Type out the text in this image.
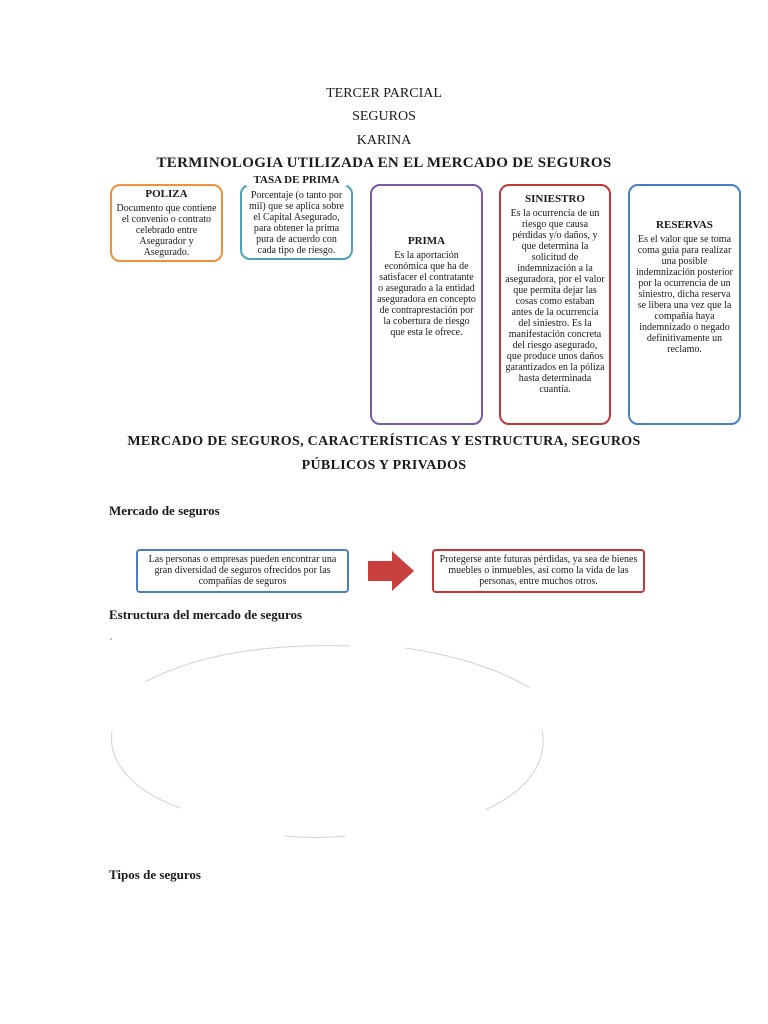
TERCER PARCIAL
SEGUROS
KARINA
TERMINOLOGIA UTILIZADA EN EL MERCADO DE SEGUROS
POLIZA
Documento que contiene el convenio o contrato celebrado entre Asegurador y Asegurado.
Porcentaje (o tanto por mil) que se aplica sobre el Capital Asegurado, para obtener la prima pura de acuerdo con cada tipo de riesgo.
TASA DE PRIMA
PRIMA
Es la aportación económica que ha de satisfacer el contratante o asegurado a la entidad aseguradora en concepto de contraprestación por la cobertura de riesgo que esta le ofrece.
SINIESTRO
Es la ocurrencia de un riesgo que causa pérdidas y/o daños, y que determina la solicitud de indemnización a la aseguradora, por el valor que permita dejar las cosas como estaban antes de la ocurrencia del siniestro. Es la manifestación concreta del riesgo asegurado, que produce unos daños garantizados en la póliza hasta determinada cuantía.
RESERVAS
Es el valor que se toma coma guia para realizar una posible indemnización posterior por la ocurrencia de un siniestro, dicha reserva se libera una vez que la compañía haya indemnizado o negado definitivamente un reclamo.
MERCADO DE SEGUROS, CARACTERÍSTICAS Y ESTRUCTURA, SEGUROS
PÚBLICOS Y PRIVADOS
Mercado de seguros
Las personas o empresas pueden encontrar una gran diversidad de seguros ofrecidos por las compañías de seguros
Protegerse ante futuras pérdidas, ya sea de bienes muebles o inmuebles, así como la vida de las personas, entre muchos otros.
Estructura del mercado de seguros
Tipos de seguros
